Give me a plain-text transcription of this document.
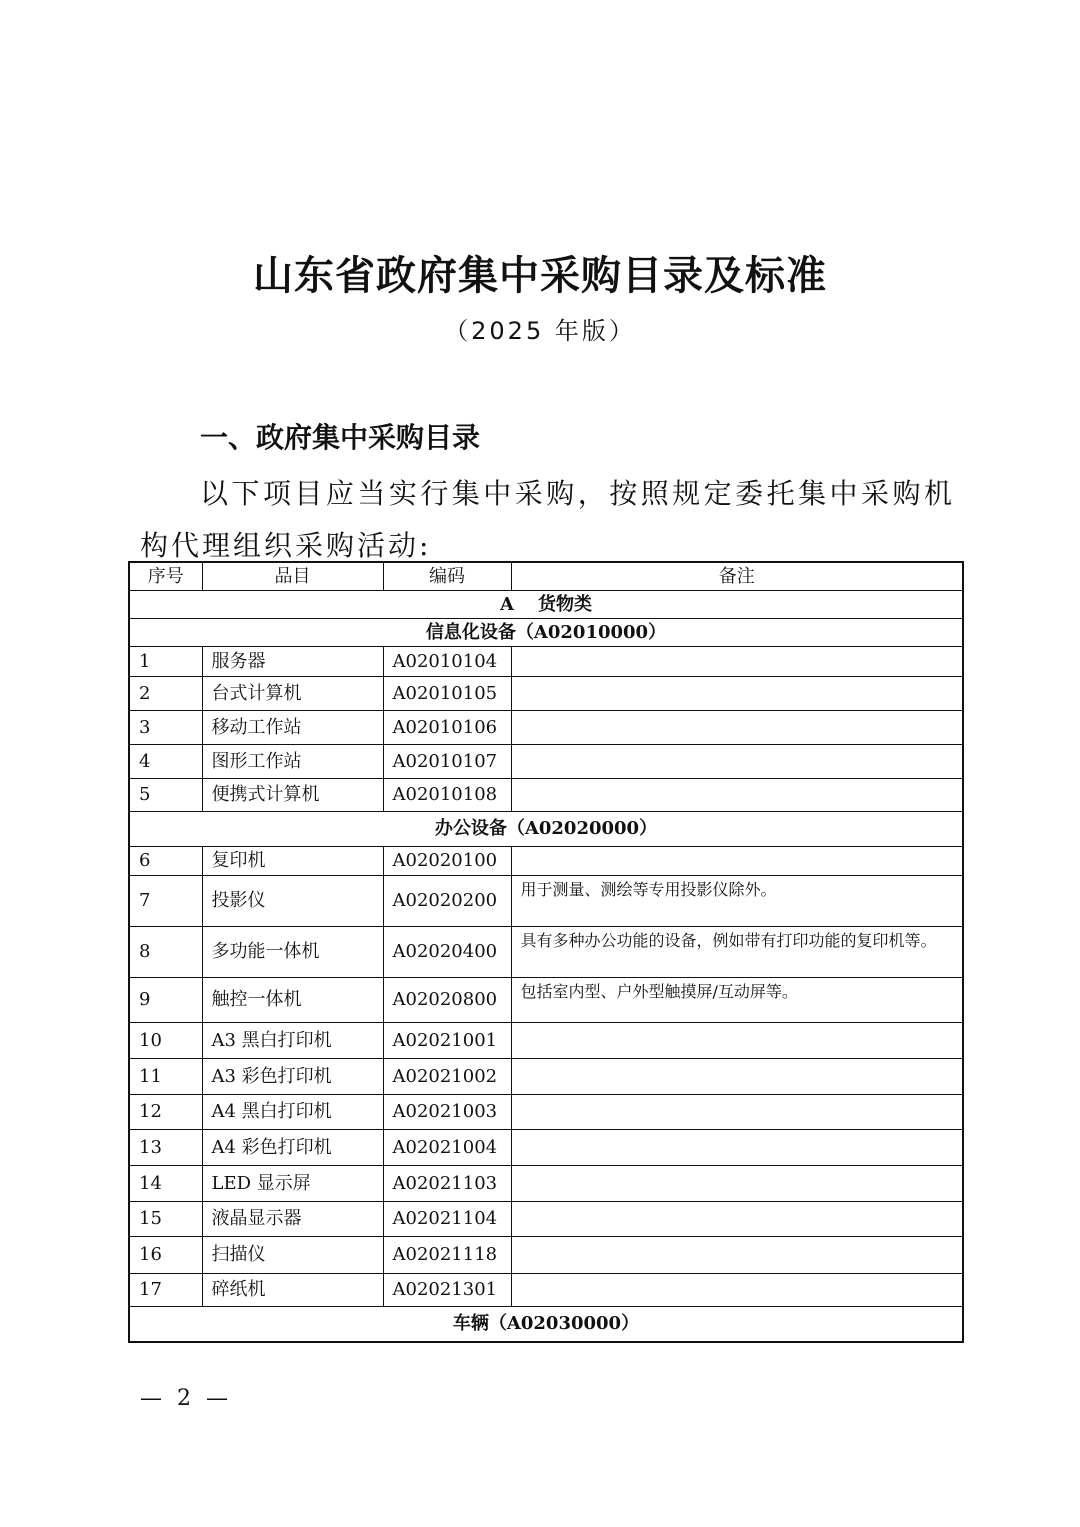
山东省政府集中采购目录及标准
（2025 年版）
一、政府集中采购目录

以下项目应当实行集中采购，按照规定委托集中采购机构代理组织采购活动:

序号	品目	编码	备注
A 货物类			
信息化设备（A02010000）			
1	服务器	A02010104	
2	台式计算机	A02010105	
3	移动工作站	A02010106	
4	图形工作站	A02010107	
5	便携式计算机	A02010108	
办公设备（A02020000）			
6	复印机	A02020100	
7	投影仪	A02020200	用于测量、测绘等专用投影仪除外。
8	多功能一体机	A02020400	具有多种办公功能的设备，例如带有打印功能的复印机等。
9	触控一体机	A02020800	包括室内型、户外型触摸屏/互动屏等。
10	A3 黑白打印机	A02021001	
11	A3 彩色打印机	A02021002	
12	A4 黑白打印机	A02021003	
13	A4 彩色打印机	A02021004	
14	LED 显示屏	A02021103	
15	液晶显示器	A02021104	
16	扫描仪	A02021118	
17	碎纸机	A02021301	
车辆（A02030000）			
— 2 —
